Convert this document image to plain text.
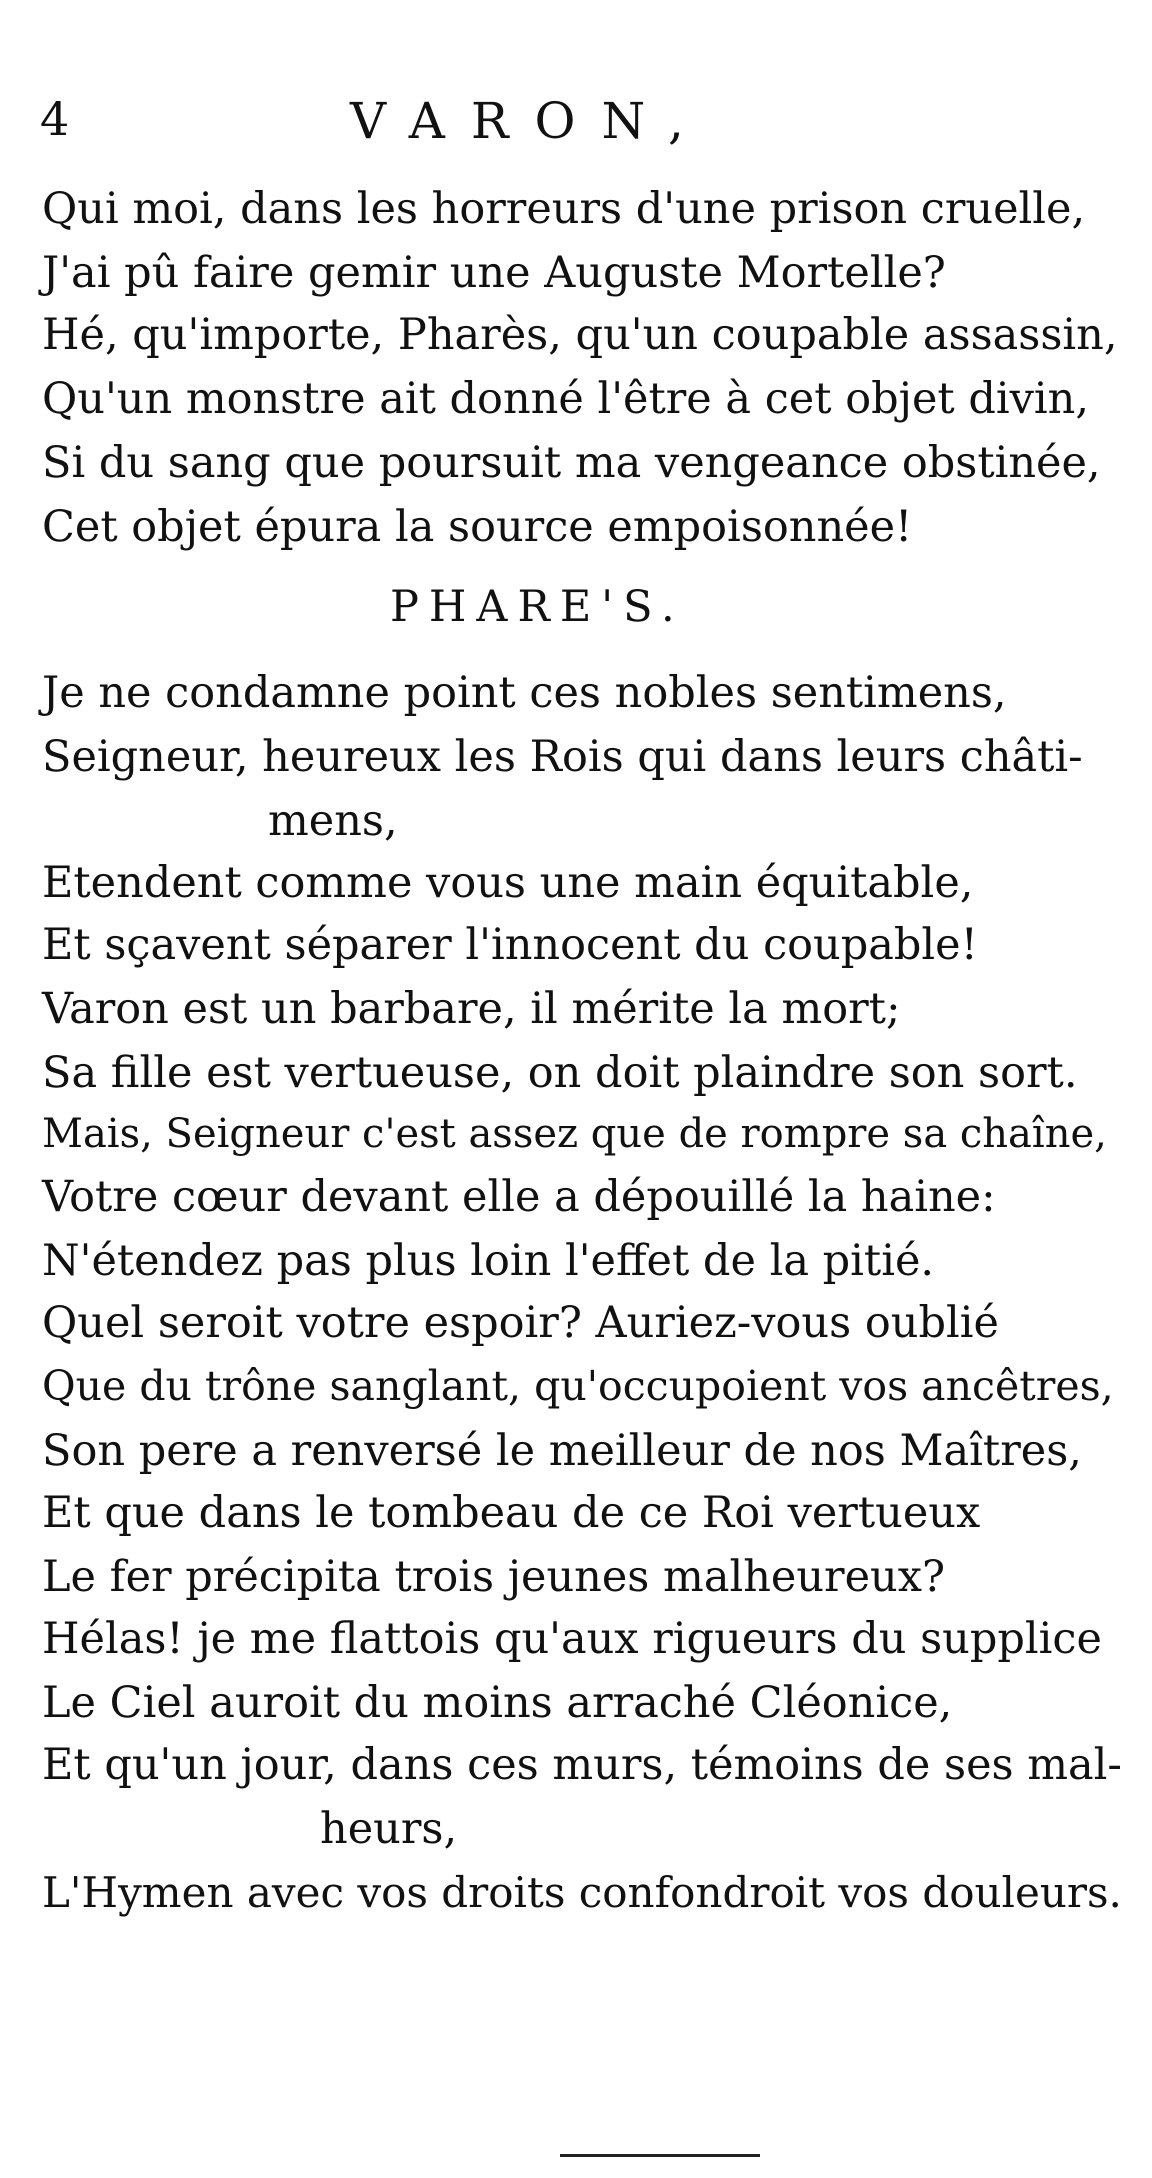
4	VARON,
Qui moi, dans les horreurs d'une prison cruelle,
J'ai pû faire gemir une Auguste Mortelle?
Hé, qu'importe, Pharès, qu'un coupable assassin,
Qu'un monstre ait donné l'être à cet objet divin,
Si du sang que poursuit ma vengeance obstinée,
Cet objet épura la source empoisonnée!
PHARE'S.
Je ne condamne point ces nobles sentimens,
Seigneur, heureux les Rois qui dans leurs châti-
mens,
Etendent comme vous une main équitable,
Et sçavent séparer l'innocent du coupable!
Varon est un barbare, il mérite la mort;
Sa fille est vertueuse, on doit plaindre son sort.
Mais, Seigneur c'est assez que de rompre sa chaîne,
Votre cœur devant elle a dépouillé la haine:
N'étendez pas plus loin l'effet de la pitié.
Quel seroit votre espoir? Auriez-vous oublié
Que du trône sanglant, qu'occupoient vos ancêtres,
Son pere a renversé le meilleur de nos Maîtres,
Et que dans le tombeau de ce Roi vertueux
Le fer précipita trois jeunes malheureux?
Hélas! je me flattois qu'aux rigueurs du supplice
Le Ciel auroit du moins arraché Cléonice,
Et qu'un jour, dans ces murs, témoins de ses mal-
heurs,
L'Hymen avec vos droits confondroit vos douleurs.
